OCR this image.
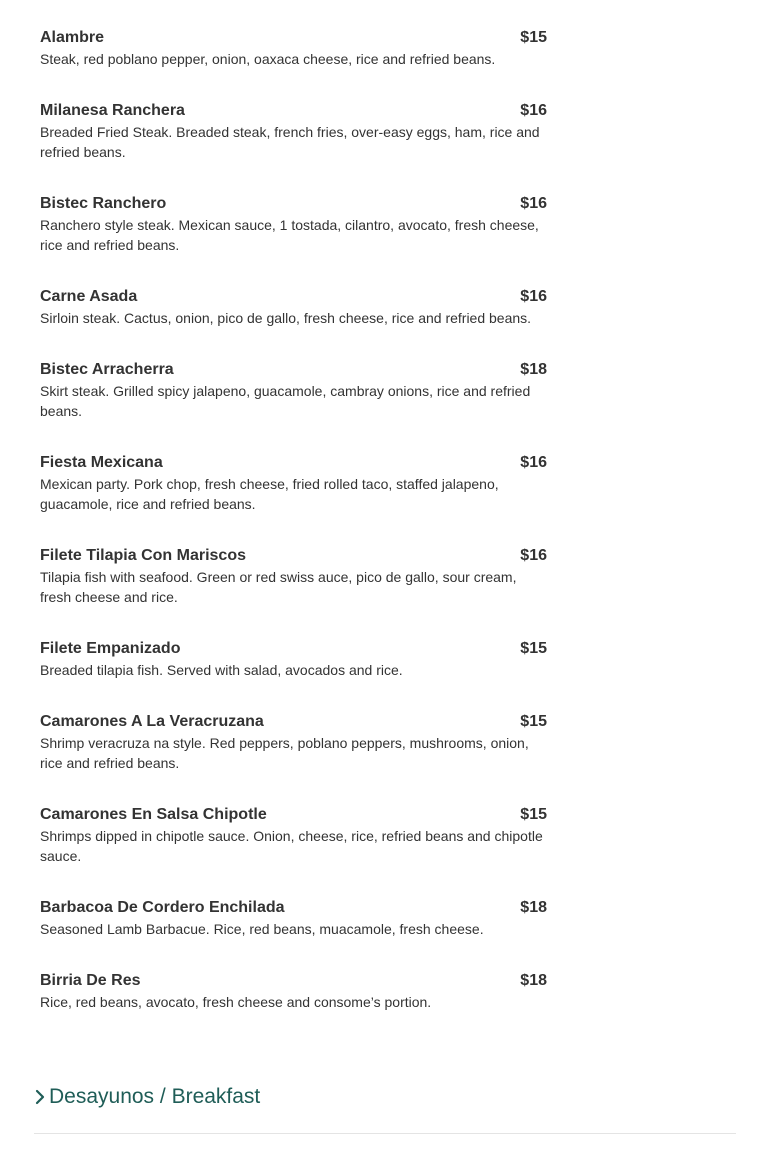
Alambre	$15

Steak, red poblano pepper, onion, oaxaca cheese, rice and refried beans.

Milanesa Ranchera	$16

Breaded Fried Steak. Breaded steak, french fries, over-easy eggs, ham, rice and refried beans.

Bistec Ranchero	$16

Ranchero style steak. Mexican sauce, 1 tostada, cilantro, avocato, fresh cheese, rice and refried beans.

Carne Asada	$16

Sirloin steak. Cactus, onion, pico de gallo, fresh cheese, rice and refried beans.

Bistec Arracherra	$18

Skirt steak. Grilled spicy jalapeno, guacamole, cambray onions, rice and refried beans.

Fiesta Mexicana	$16

Mexican party. Pork chop, fresh cheese, fried rolled taco, staffed jalapeno, guacamole, rice and refried beans.

Filete Tilapia Con Mariscos	$16

Tilapia fish with seafood. Green or red swiss auce, pico de gallo, sour cream, fresh cheese and rice.

Filete Empanizado	$15

Breaded tilapia fish. Served with salad, avocados and rice.

Camarones A La Veracruzana	$15

Shrimp veracruza na style. Red peppers, poblano peppers, mushrooms, onion, rice and refried beans.

Camarones En Salsa Chipotle	$15

Shrimps dipped in chipotle sauce. Onion, cheese, rice, refried beans and chipotle sauce.

Barbacoa De Cordero Enchilada	$18

Seasoned Lamb Barbacue. Rice, red beans, muacamole, fresh cheese.

Birria De Res	$18

Rice, red beans, avocato, fresh cheese and consome’s portion.

Desayunos / Breakfast
